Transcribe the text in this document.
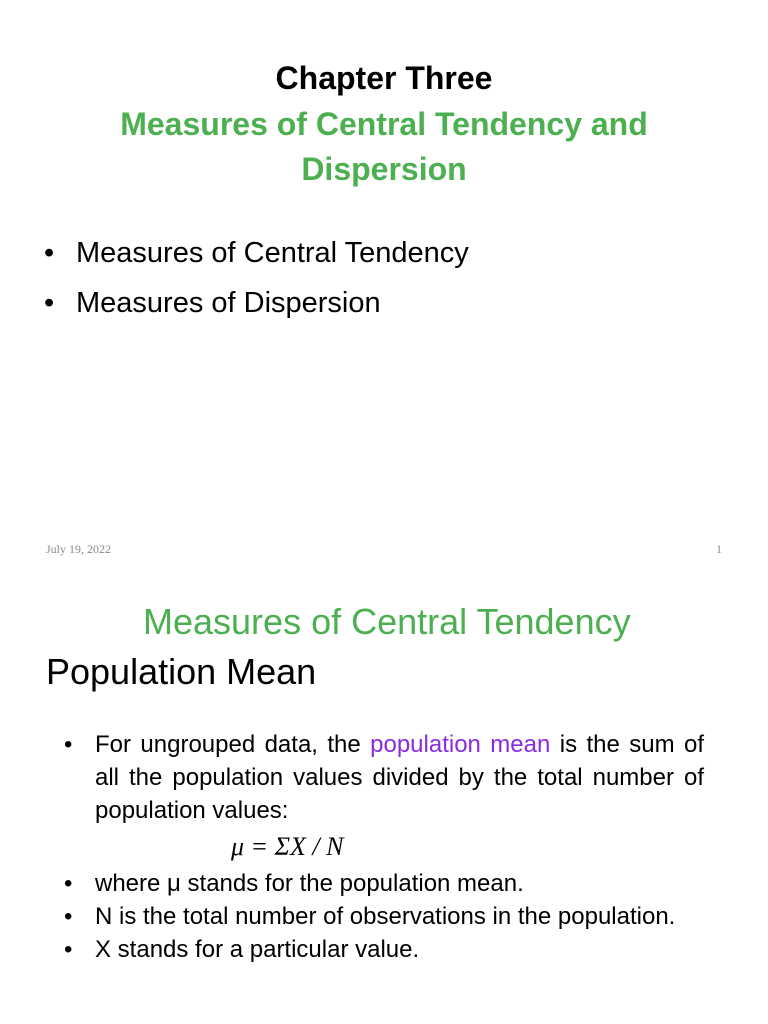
Chapter Three
Measures of Central Tendency and
Dispersion
• Measures of Central Tendency
• Measures of Dispersion
July 19, 2022	1
Measures of Central Tendency
Population Mean
• For ungrouped data, the population mean is the sum of all the population values divided by the total number of population values:
μ = ΣX / N
• where μ stands for the population mean.
• N is the total number of observations in the population.
• X stands for a particular value.
